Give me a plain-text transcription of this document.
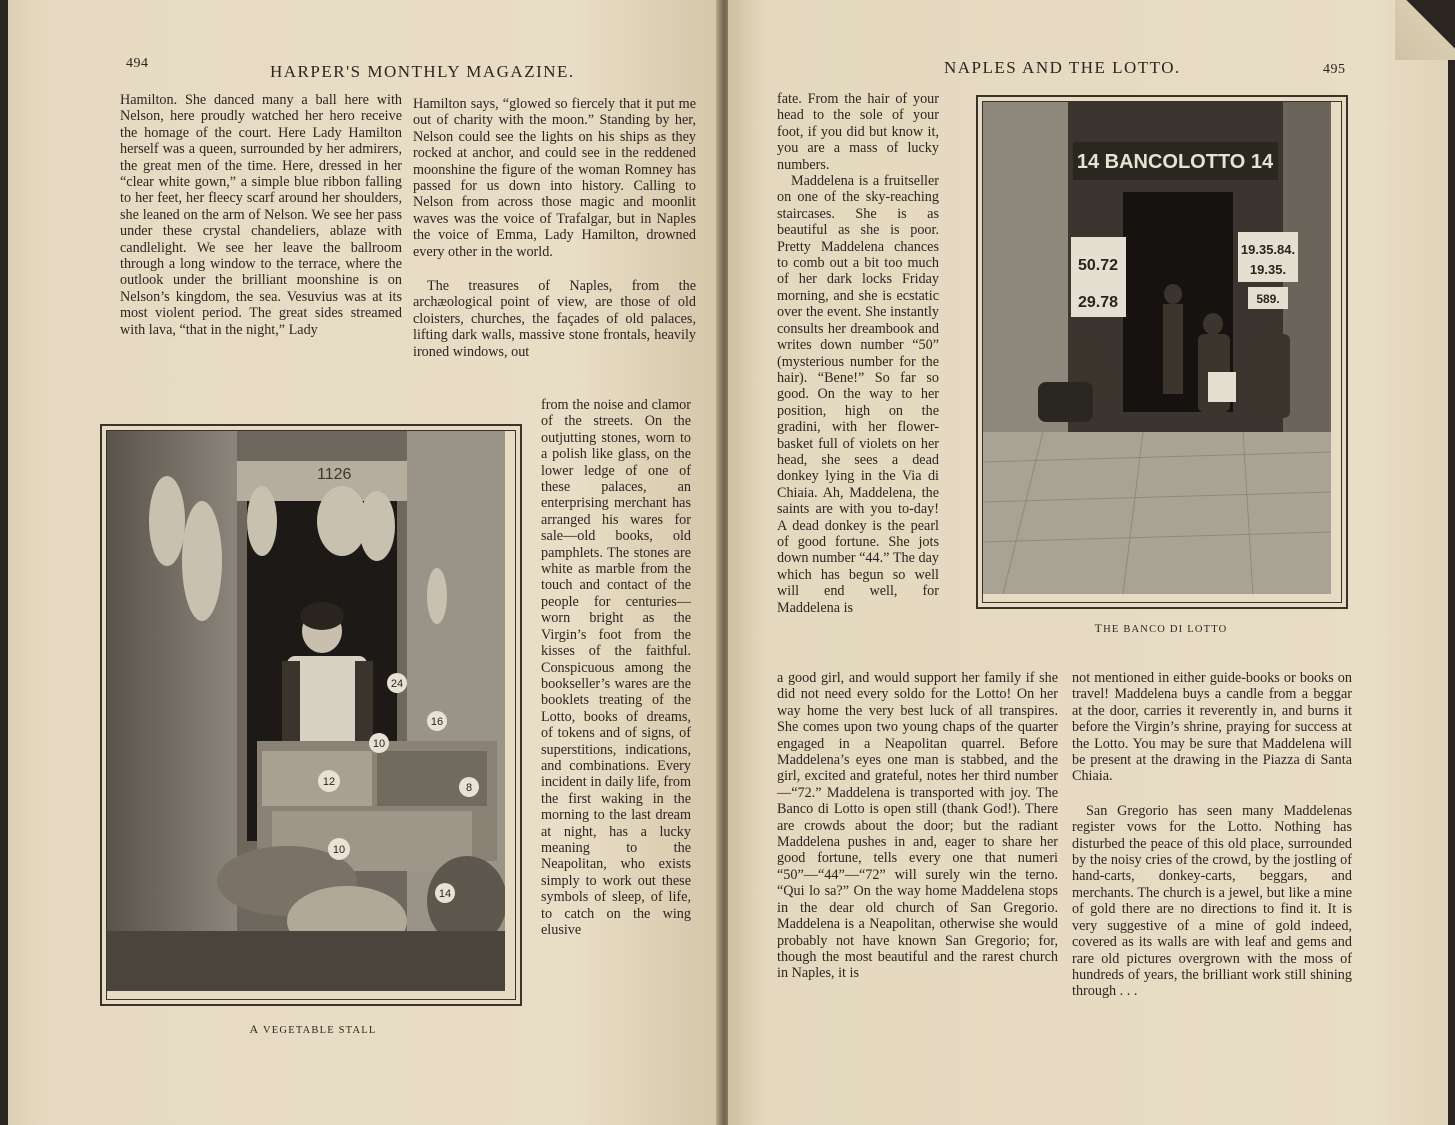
494	HARPER'S MONTHLY MAGAZINE.

Hamilton. She danced many a ball here with Nelson, here proudly watched her hero receive the homage of the court. Here Lady Hamilton herself was a queen, surrounded by her admirers, the great men of the time. Here, dressed in her “clear white gown,” a simple blue ribbon falling to her feet, her fleecy scarf around her shoulders, she leaned on the arm of Nelson. We see her pass under these crystal chandeliers, ablaze with candlelight. We see her leave the ballroom through a long window to the terrace, where the outlook under the brilliant moonshine is on Nelson’s kingdom, the sea. Vesuvius was at its most violent period. The great sides streamed with lava, “that in the night,” Lady

Hamilton says, “glowed so fiercely that it put me out of charity with the moon.” Standing by her, Nelson could see the lights on his ships as they rocked at anchor, and could see in the reddened moonshine the figure of the woman Romney has passed for us down into history. Calling to Nelson from across those magic and moonlit waves was the voice of Trafalgar, but in Naples the voice of Emma, Lady Hamilton, drowned every other in the world.

The treasures of Naples, from the archæological point of view, are those of old cloisters, churches, the façades of old palaces, lifting dark walls, massive stone frontals, heavily ironed windows, out

from the noise and clamor of the streets. On the outjutting stones, worn to a polish like glass, on the lower ledge of one of these palaces, an enterprising merchant has arranged his wares for sale—old books, old pamphlets. The stones are white as marble from the touch and contact of the people for centuries—worn bright as the Virgin’s foot from the kisses of the faithful. Conspicuous among the bookseller’s wares are the booklets treating of the Lotto, books of dreams, of tokens and of signs, of superstitions, indications, and combinations. Every incident in daily life, from the first waking in the morning to the last dream at night, has a lucky meaning to the Neapolitan, who exists simply to work out these symbols of sleep, of life, to catch on the wing elusive

1126
24
16
10
12	8
10
14
A VEGETABLE STALL
NAPLES AND THE LOTTO.	495

fate. From the hair of your head to the sole of your foot, if you did but know it, you are a mass of lucky numbers.

Maddelena is a fruitseller on one of the sky-reaching staircases. She is as beautiful as she is poor. Pretty Maddelena chances to comb out a bit too much of her dark locks Friday morning, and she is ecstatic over the event. She instantly consults her dreambook and writes down number “50” (mysterious number for the hair). “Bene!” So far so good. On the way to her position, high on the gradini, with her flower-basket full of violets on her head, she sees a dead donkey lying in the Via di Chiaia. Ah, Maddelena, the saints are with you to-day! A dead donkey is the pearl of good fortune. She jots down number “44.” The day which has begun so well will end well, for Maddelena is

a good girl, and would support her family if she did not need every soldo for the Lotto! On her way home the very best luck of all transpires. She comes upon two young chaps of the quarter engaged in a Neapolitan quarrel. Before Maddelena’s eyes one man is stabbed, and the girl, excited and grateful, notes her third number—“72.” Maddelena is transported with joy. The Banco di Lotto is open still (thank God!). There are crowds about the door; but the radiant Maddelena pushes in and, eager to share her good fortune, tells every one that numeri “50”—“44”—“72” will surely win the terno. “Qui lo sa?” On the way home Maddelena stops in the dear old church of San Gregorio. Maddelena is a Neapolitan, otherwise she would probably not have known San Gregorio; for, though the most beautiful and the rarest church in Naples, it is

not mentioned in either guide-books or books on travel! Maddelena buys a candle from a beggar at the door, carries it reverently in, and burns it before the Virgin’s shrine, praying for success at the Lotto. You may be sure that Maddelena will be present at the drawing in the Piazza di Santa Chiaia.

San Gregorio has seen many Maddelenas register vows for the Lotto. Nothing has disturbed the peace of this old place, surrounded by the noisy cries of the crowd, by the jostling of hand-carts, donkey-carts, beggars, and merchants. The church is a jewel, but like a mine of gold there are no directions to find it. It is very suggestive of a mine of gold indeed, covered as its walls are with leaf and gems and rare old pictures overgrown with the moss of hundreds of years, the brilliant work still shining through . . .

14 BANCOLOTTO 14
50.72
29.78
19.35.84.
19.35.
589.
THE BANCO DI LOTTO
